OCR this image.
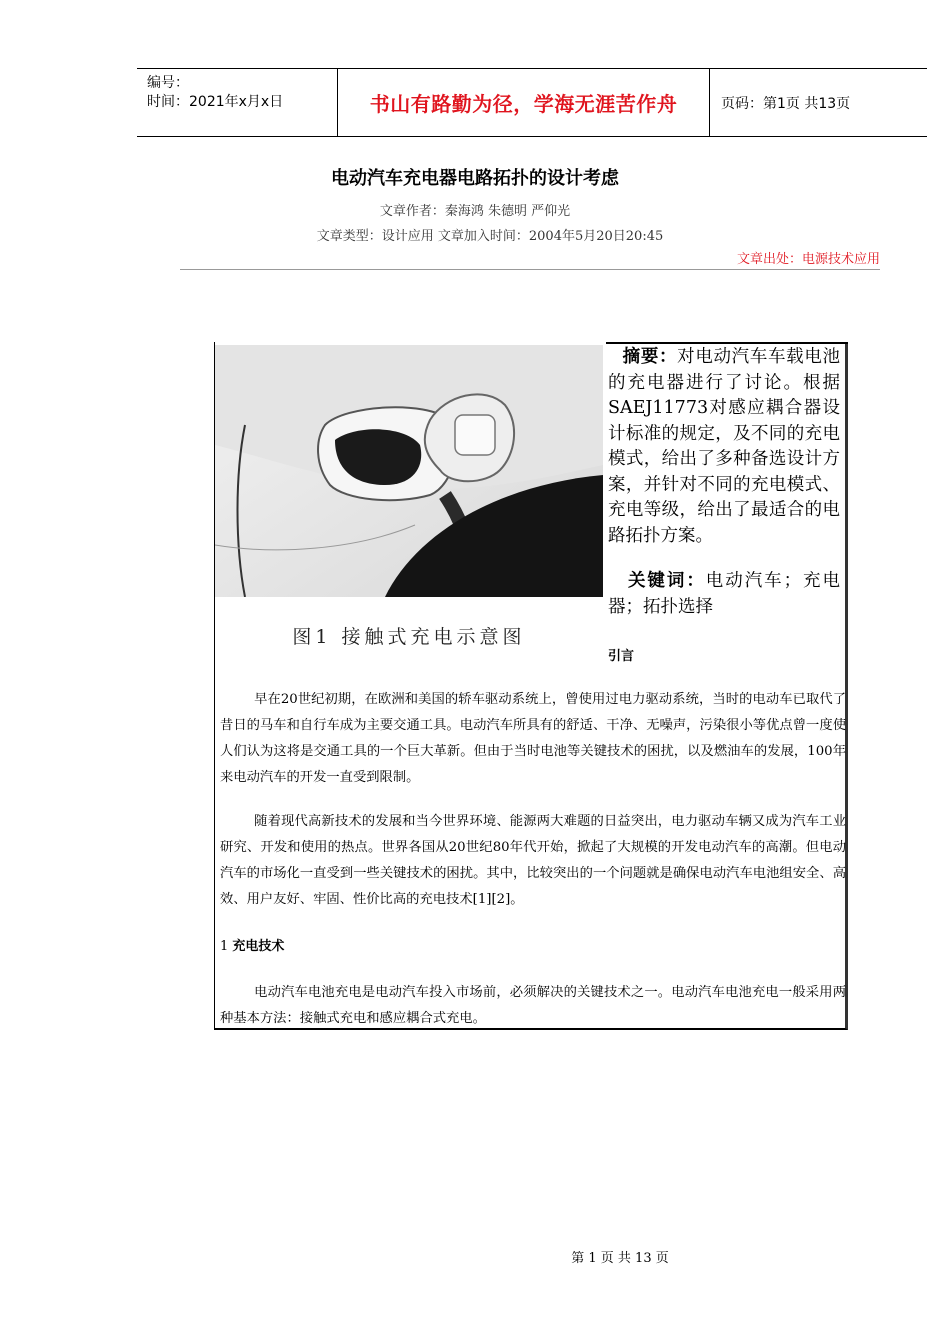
编号：
时间：2021年x月x日	书山有路勤为径，学海无涯苦作舟	页码：第1页 共13页
电动汽车充电器电路拓扑的设计考虑
文章作者：秦海鸿 朱德明 严仰光
文章类型：设计应用 文章加入时间：2004年5月20日20:45
文章出处：电源技术应用
图1 接触式充电示意图
摘要：对电动汽车车载电池的充电器进行了讨论。根据SAEJ11773对感应耦合器设计标准的规定，及不同的充电模式，给出了多种备选设计方案，并针对不同的充电模式、充电等级，给出了最适合的电路拓扑方案。
关键词：电动汽车；充电器；拓扑选择
引言
早在20世纪初期，在欧洲和美国的轿车驱动系统上，曾使用过电力驱动系统，当时的电动车已取代了昔日的马车和自行车成为主要交通工具。电动汽车所具有的舒适、干净、无噪声，污染很小等优点曾一度使人们认为这将是交通工具的一个巨大革新。但由于当时电池等关键技术的困扰，以及燃油车的发展，100年来电动汽车的开发一直受到限制。
随着现代高新技术的发展和当今世界环境、能源两大难题的日益突出，电力驱动车辆又成为汽车工业研究、开发和使用的热点。世界各国从20世纪80年代开始，掀起了大规模的开发电动汽车的高潮。但电动汽车的市场化一直受到一些关键技术的困扰。其中，比较突出的一个问题就是确保电动汽车电池组安全、高效、用户友好、牢固、性价比高的充电技术[1][2]。
1 充电技术
电动汽车电池充电是电动汽车投入市场前，必须解决的关键技术之一。电动汽车电池充电一般采用两种基本方法：接触式充电和感应耦合式充电。
第 1 页 共 13 页
